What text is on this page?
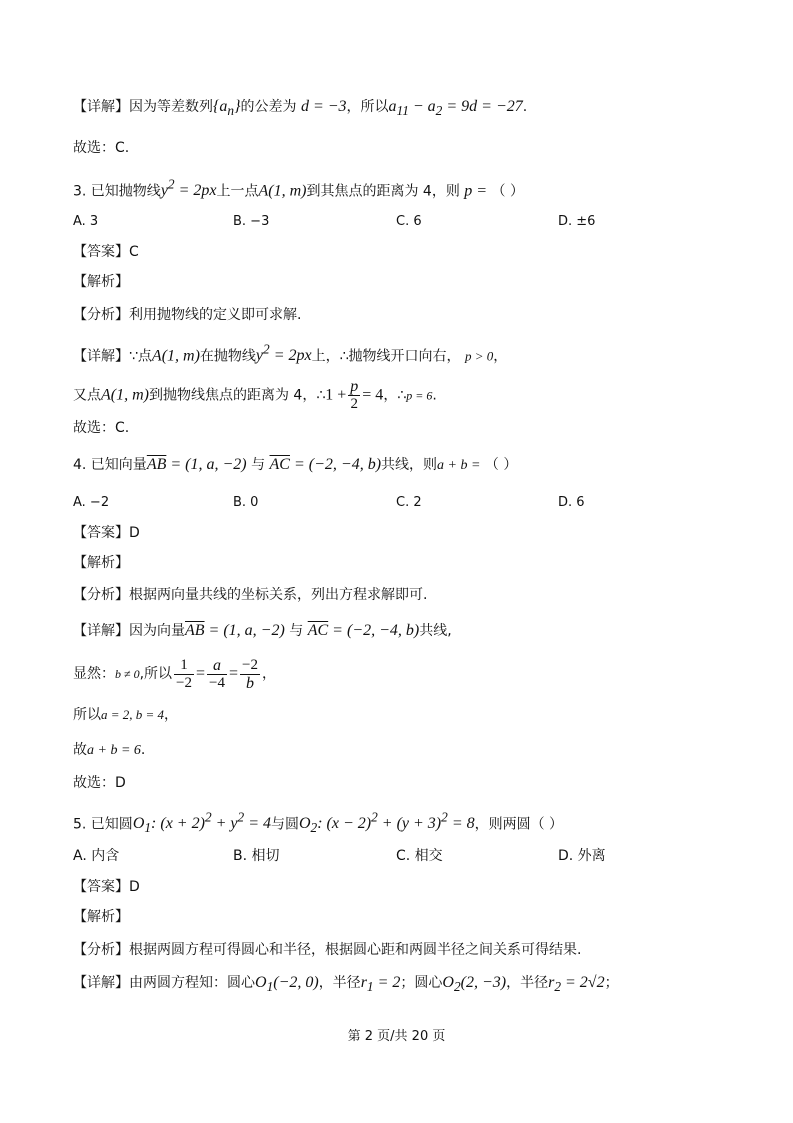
【详解】因为等差数列$\{a_n\}$的公差为 d = −3，所以$a_{11} - a_2 = 9d = -27$.
故选：C.
3. 已知抛物线$y^2 = 2px$上一点A(1, m)到其焦点的距离为 4，则 p = （ ）
A. 3	B. −3	C. 6	D. ±6
【答案】C
【解析】
【分析】利用抛物线的定义即可求解.
【详解】∵点A(1, m)在抛物线$y^2 = 2px$上，∴抛物线开口向右， p > 0，
又点A(1, m)到抛物线焦点的距离为 4，∴1 + $\frac{p}{2} = 4$，∴p = 6.
故选：C.
4. 已知向量$\overline{AB} = (1$, a, −2) 与 $\overline{AC} = (-2$, −4, b)共线，则a + b = （ ）
A. −2	B. 0	C. 2	D. 6
【答案】D
【解析】
【分析】根据两向量共线的坐标关系，列出方程求解即可.
【详解】因为向量$\overline{AB} = (1$, a, −2) 与 $\overline{AC} = (-2$, −4, b)共线,
显然：b ≠ 0,所以 $\frac{1}{-2} = \frac{a}{-4} = \frac{-2}{b}$ ，
所以a = 2, b = 4，
故a + b = 6.
故选：D
5. 已知圆$O_1$: $(x + 2)^2 + y^2 = 4$与圆$O_2$: $(x - 2)^2 + (y + 3)^2 = 8$，则两圆（ ）
A. 内含	B. 相切	C. 相交	D. 外离
【答案】D
【解析】
【分析】根据两圆方程可得圆心和半径，根据圆心距和两圆半径之间关系可得结果.
【详解】由两圆方程知：圆心$O_1(-2$, 0)，半径$r_1 = 2$；圆心$O_2(2$, −3)，半径$r_2 = 2√2$；
第 2 页/共 20 页
